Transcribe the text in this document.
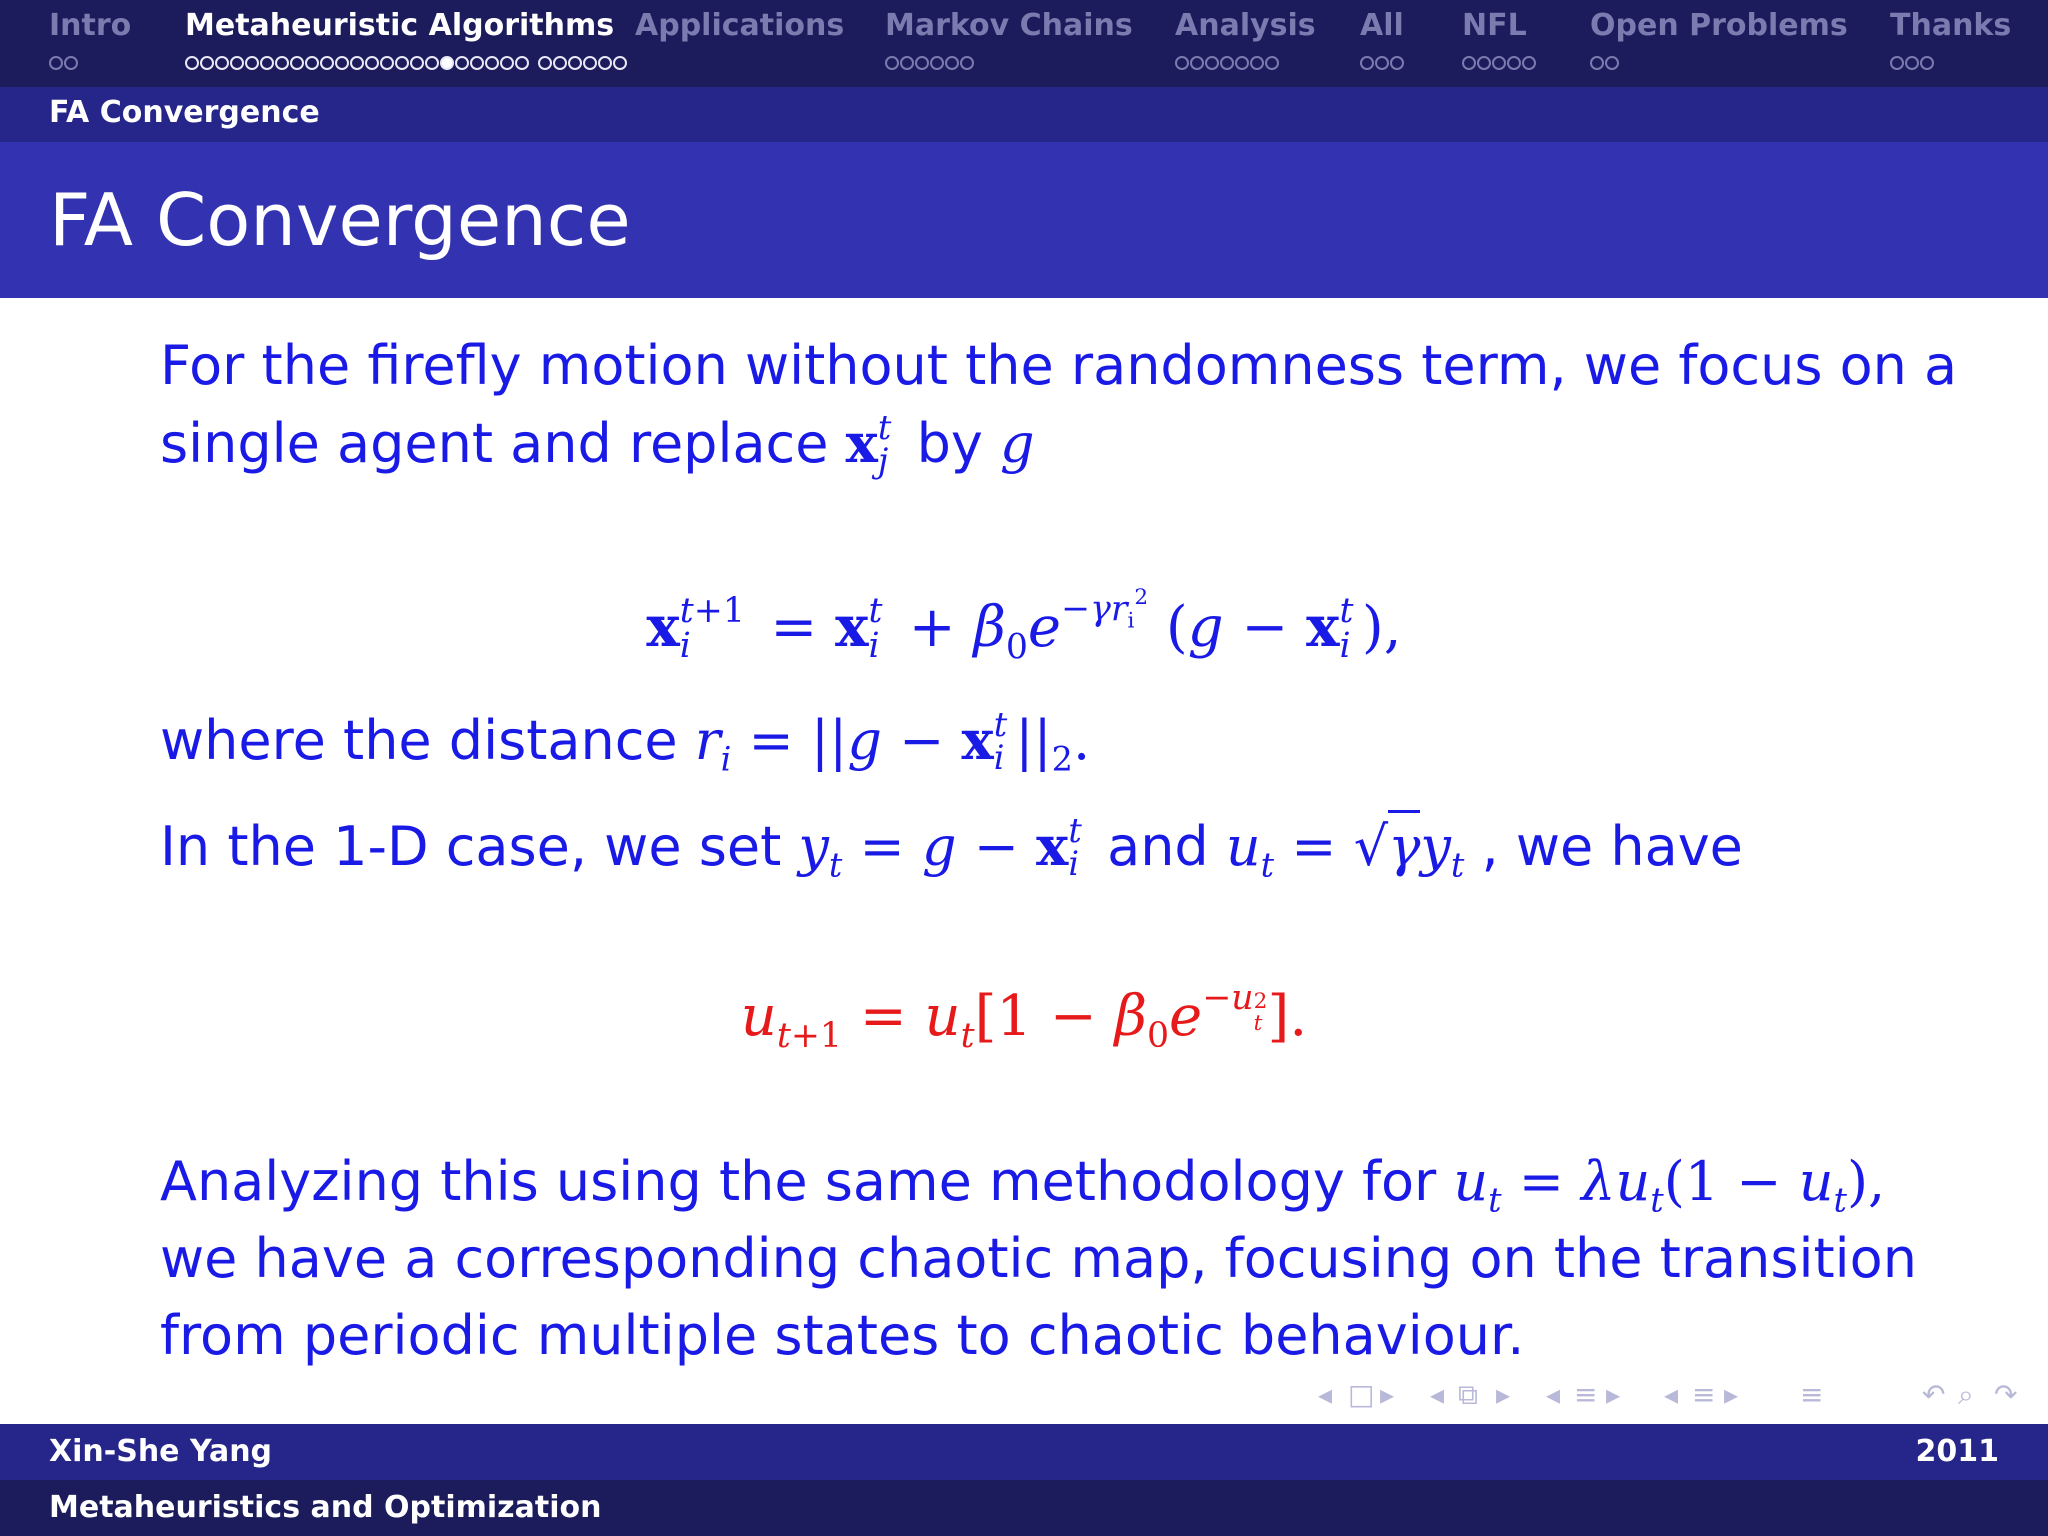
Intro Metaheuristic Algorithms Applications Markov Chains Analysis All NFL Open Problems Thanks
FA Convergence
FA Convergence
For the firefly motion without the randomness term, we focus on a
single agent and replace x t
j by g
x t+1
i = x t
$i + \beta_0e^{-\gamma r_i^2}$ (g − x t
i ),
where the distance $r_i = ||g - x$ t
i $||_2$.
In the 1-D case, we set $y_t = g - x$ t
i and $u_t = √\gamma y_t$ , we have
$u_{t+1} = u_t[1 - \beta_0e^{-u 2 t}$ ].
Analyzing this using the same methodology for $u_t = \lambda u_t(1 - u_t)$,
we have a corresponding chaotic map, focusing on the transition
from periodic multiple states to chaotic behaviour.
◂ □ ▸ ◂ ⧉ ▸ ◂ ≡ ▸ ◂ ≡ ▸ ≡	↶ ⌕ ↷
Xin-She Yang	2011
Metaheuristics and Optimization
